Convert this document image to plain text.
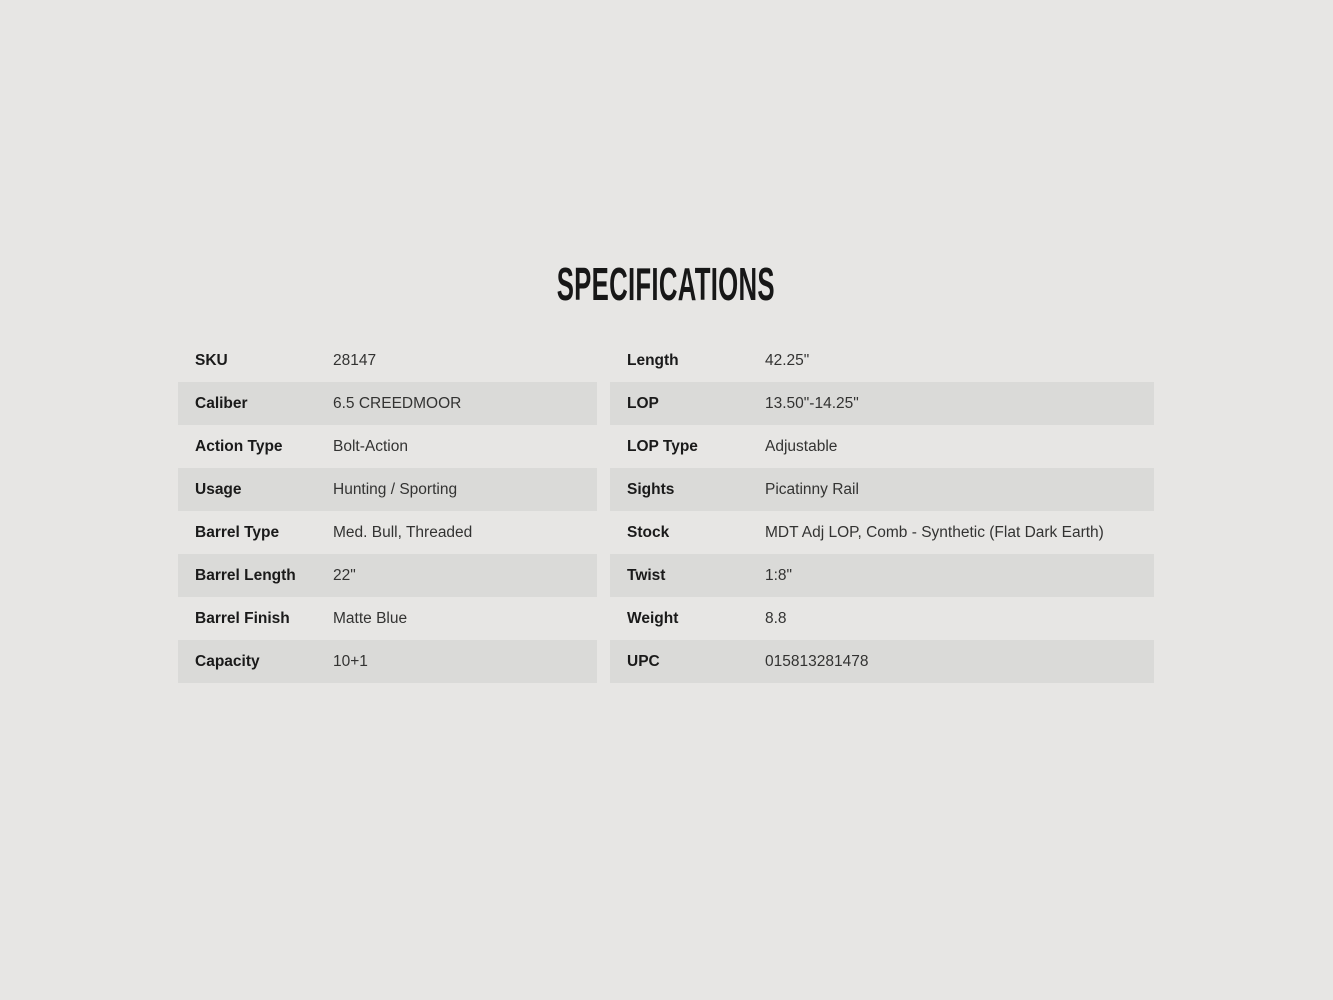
SPECIFICATIONS
SKU	28147
Caliber	6.5 CREEDMOOR
Action Type	Bolt-Action
Usage	Hunting / Sporting
Barrel Type	Med. Bull, Threaded
Barrel Length	22"
Barrel Finish	Matte Blue
Capacity	10+1
Length	42.25"
LOP	13.50"-14.25"
LOP Type	Adjustable
Sights	Picatinny Rail
Stock	MDT Adj LOP, Comb - Synthetic (Flat Dark Earth)
Twist	1:8"
Weight	8.8
UPC	015813281478
